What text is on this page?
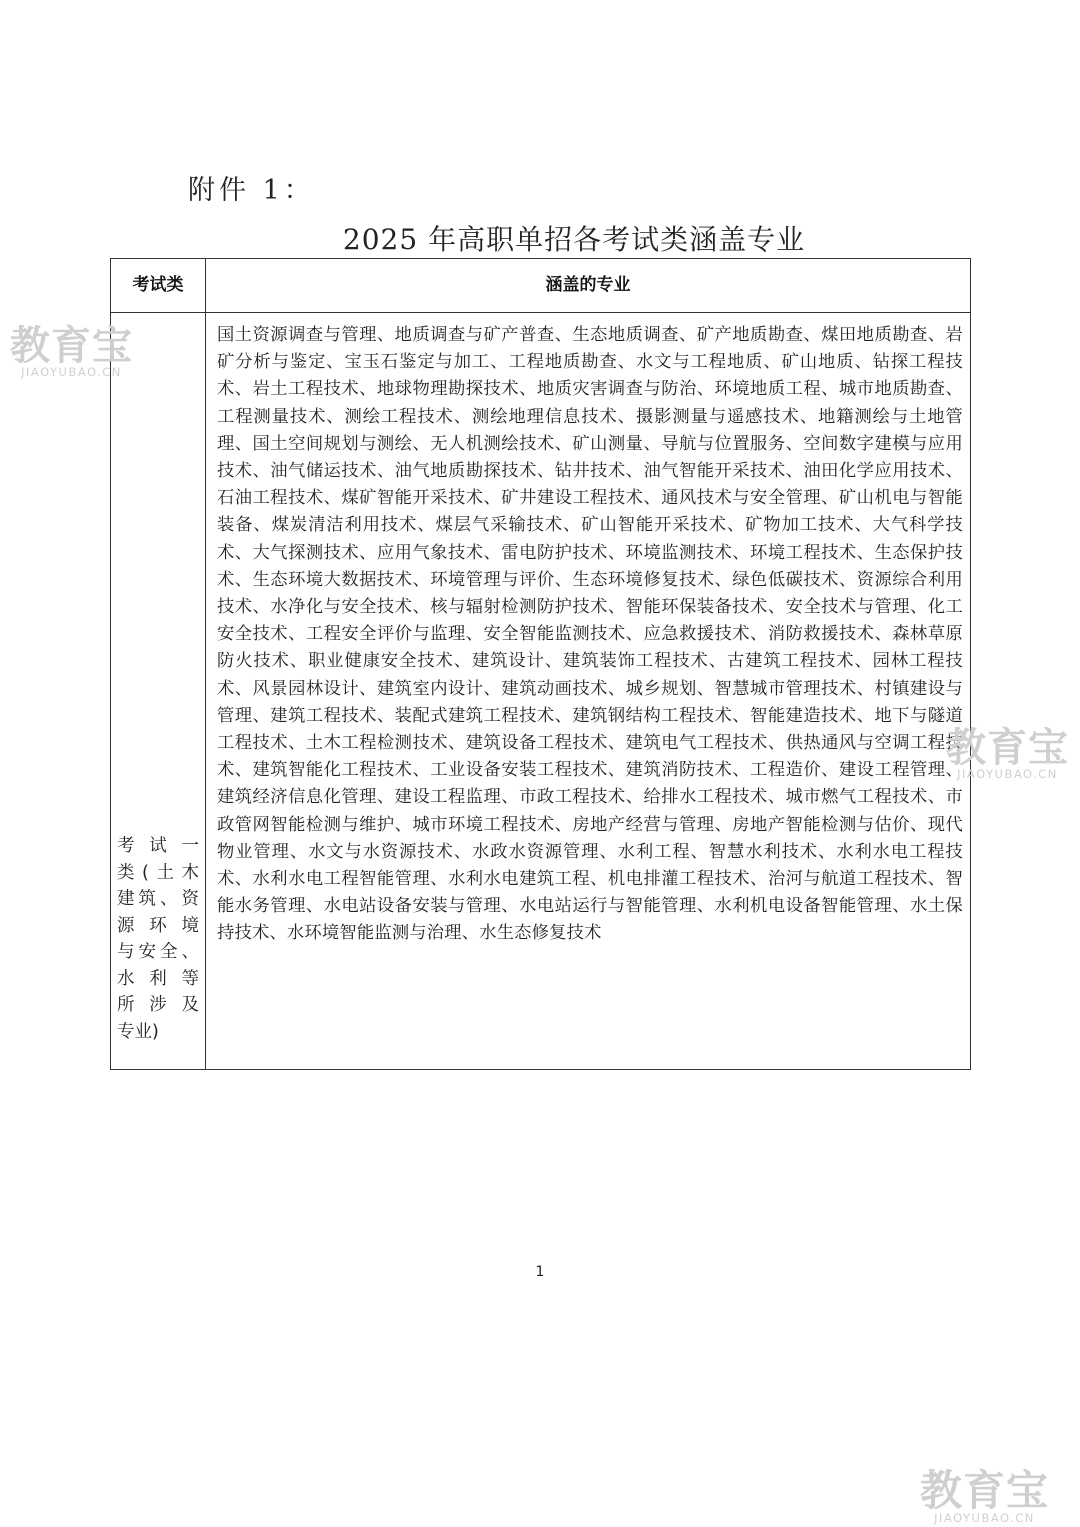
附件 1：
2025 年高职单招各考试类涵盖专业
考试类	涵盖的专业
考试一
类(土木
建筑、资
源环境
与安全、
水利等
所涉及
专业)
国土资源调查与管理、地质调查与矿产普查、生态地质调查、矿产地质勘查、煤田地质勘查、岩矿分析与鉴定、宝玉石鉴定与加工、工程地质勘查、水文与工程地质、矿山地质、钻探工程技术、岩土工程技术、地球物理勘探技术、地质灾害调查与防治、环境地质工程、城市地质勘查、工程测量技术、测绘工程技术、测绘地理信息技术、摄影测量与遥感技术、地籍测绘与土地管理、国土空间规划与测绘、无人机测绘技术、矿山测量、导航与位置服务、空间数字建模与应用技术、油气储运技术、油气地质勘探技术、钻井技术、油气智能开采技术、油田化学应用技术、石油工程技术、煤矿智能开采技术、矿井建设工程技术、通风技术与安全管理、矿山机电与智能装备、煤炭清洁利用技术、煤层气采输技术、矿山智能开采技术、矿物加工技术、大气科学技术、大气探测技术、应用气象技术、雷电防护技术、环境监测技术、环境工程技术、生态保护技术、生态环境大数据技术、环境管理与评价、生态环境修复技术、绿色低碳技术、资源综合利用技术、水净化与安全技术、核与辐射检测防护技术、智能环保装备技术、安全技术与管理、化工安全技术、工程安全评价与监理、安全智能监测技术、应急救援技术、消防救援技术、森林草原防火技术、职业健康安全技术、建筑设计、建筑装饰工程技术、古建筑工程技术、园林工程技术、风景园林设计、建筑室内设计、建筑动画技术、城乡规划、智慧城市管理技术、村镇建设与管理、建筑工程技术、装配式建筑工程技术、建筑钢结构工程技术、智能建造技术、地下与隧道工程技术、土木工程检测技术、建筑设备工程技术、建筑电气工程技术、供热通风与空调工程技术、建筑智能化工程技术、工业设备安装工程技术、建筑消防技术、工程造价、建设工程管理、建筑经济信息化管理、建设工程监理、市政工程技术、给排水工程技术、城市燃气工程技术、市政管网智能检测与维护、城市环境工程技术、房地产经营与管理、房地产智能检测与估价、现代物业管理、水文与水资源技术、水政水资源管理、水利工程、智慧水利技术、水利水电工程技术、水利水电工程智能管理、水利水电建筑工程、机电排灌工程技术、治河与航道工程技术、智能水务管理、水电站设备安装与管理、水电站运行与智能管理、水利机电设备智能管理、水土保持技术、水环境智能监测与治理、水生态修复技术
1
教育宝
JIAOYUBAO.CN
教育宝
JIAOYUBAO.CN
教育宝
JIAOYUBAO.CN
